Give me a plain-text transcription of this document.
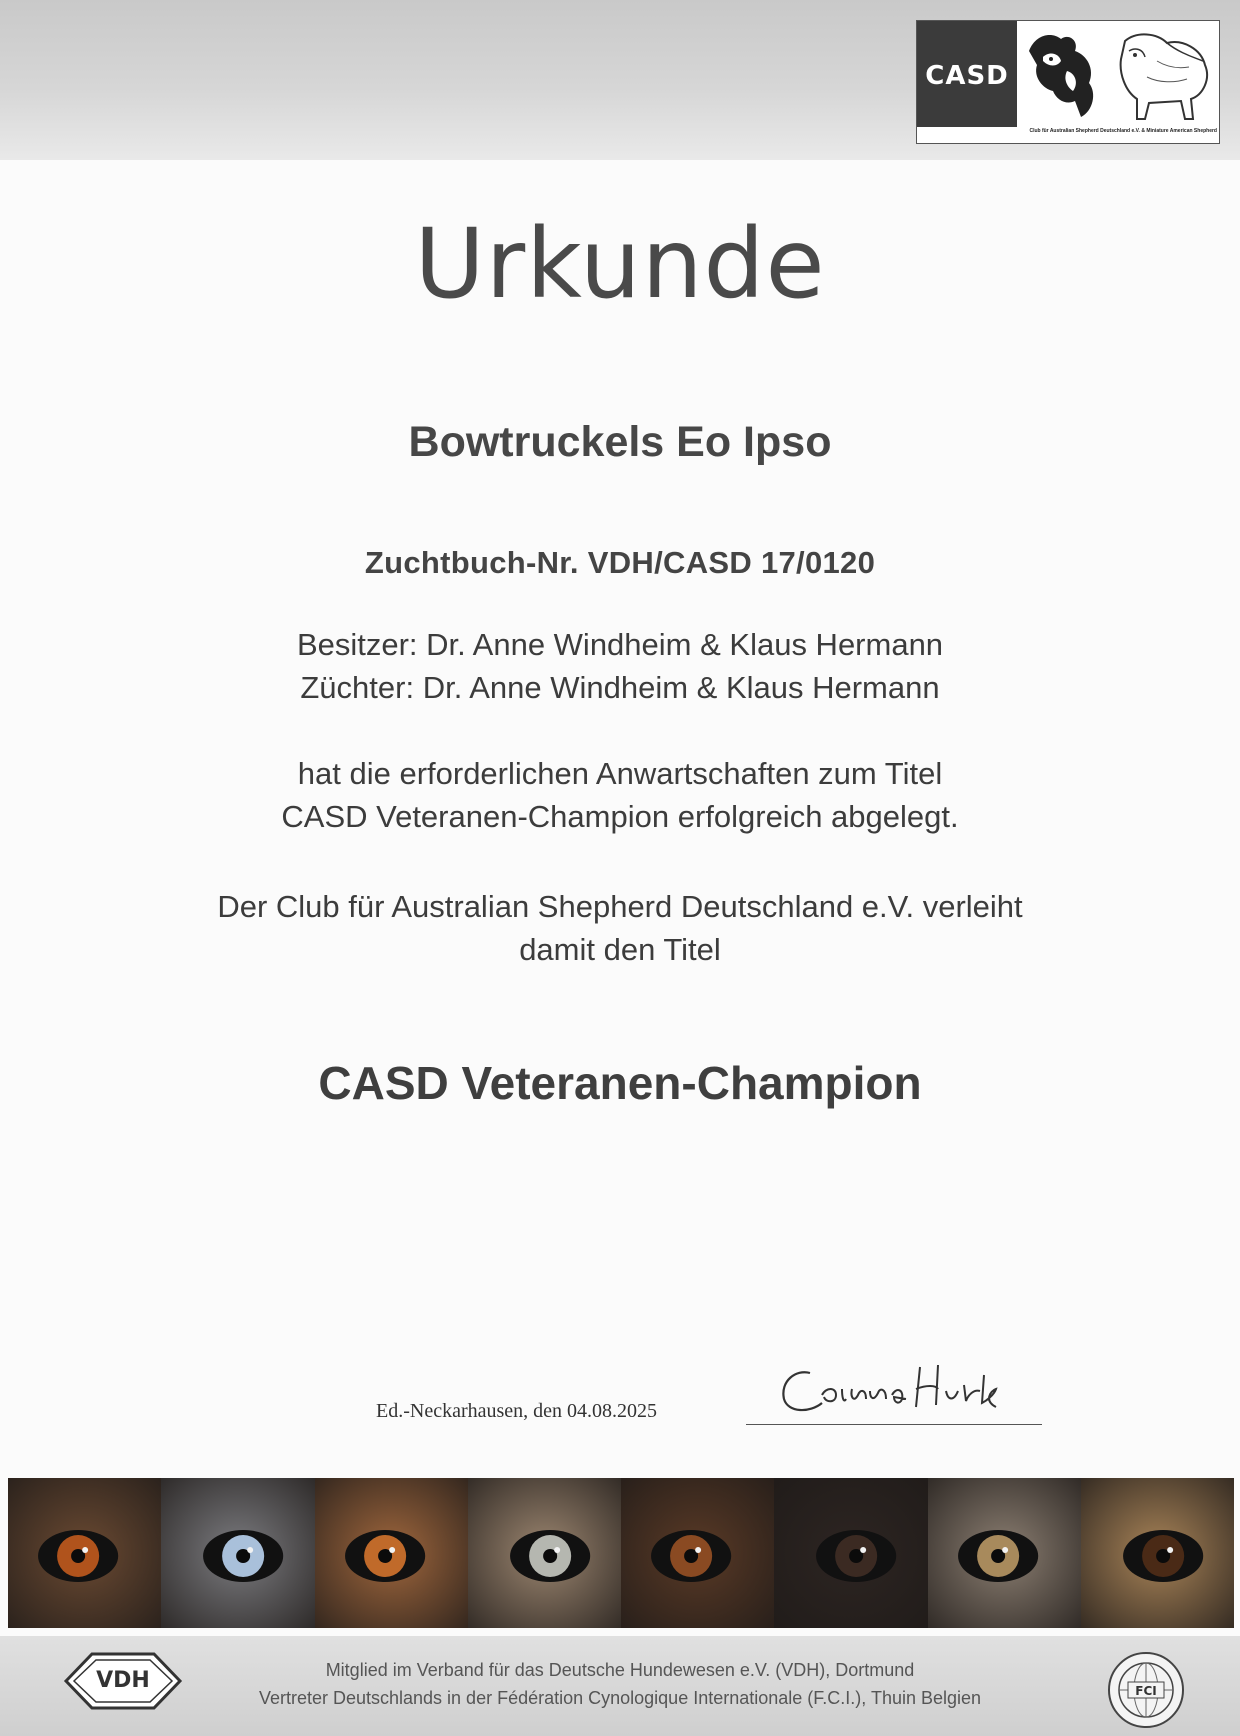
CASD
Club für Australian Shepherd Deutschland e.V. & Miniature American Shepherd
Urkunde
Bowtruckels Eo Ipso
Zuchtbuch-Nr. VDH/CASD 17/0120
Besitzer: Dr. Anne Windheim & Klaus Hermann
Züchter: Dr. Anne Windheim & Klaus Hermann
hat die erforderlichen Anwartschaften zum Titel
CASD Veteranen-Champion erfolgreich abgelegt.
Der Club für Australian Shepherd Deutschland e.V. verleiht
damit den Titel
CASD Veteranen-Champion
Ed.-Neckarhausen, den 04.08.2025
VDH	Mitglied im Verband für das Deutsche Hundewesen e.V. (VDH), Dortmund
Vertreter Deutschlands in der Fédération Cynologique Internationale (F.C.I.), Thuin Belgien	FCI
